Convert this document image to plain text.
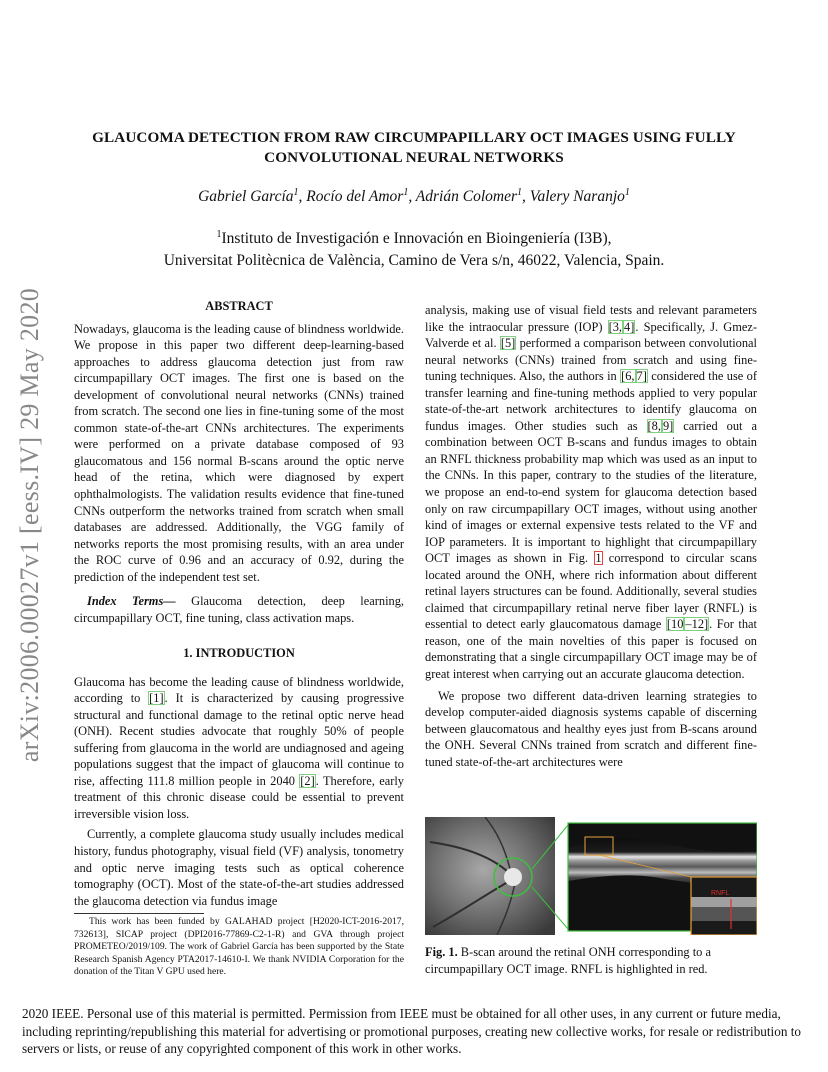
arXiv:2006.00027v1 [eess.IV] 29 May 2020
GLAUCOMA DETECTION FROM RAW CIRCUMPAPILLARY OCT IMAGES USING FULLY CONVOLUTIONAL NEURAL NETWORKS
Gabriel García$^1$, Rocío del Amor$^1$, Adrián Colomer$^1$, Valery Naranjo$^1$
$^1$Instituto de Investigación e Innovación en Bioingeniería (I3B),
Universitat Politècnica de València, Camino de Vera s/n, 46022, Valencia, Spain.
ABSTRACT

Nowadays, glaucoma is the leading cause of blindness worldwide. We propose in this paper two different deep-learning-based approaches to address glaucoma detection just from raw circumpapillary OCT images. The first one is based on the development of convolutional neural networks (CNNs) trained from scratch. The second one lies in fine-tuning some of the most common state-of-the-art CNNs architectures. The experiments were performed on a private database composed of 93 glaucomatous and 156 normal B-scans around the optic nerve head of the retina, which were diagnosed by expert ophthalmologists. The validation results evidence that fine-tuned CNNs outperform the networks trained from scratch when small databases are addressed. Additionally, the VGG family of networks reports the most promising results, with an area under the ROC curve of 0.96 and an accuracy of 0.92, during the prediction of the independent test set.

Index Terms— Glaucoma detection, deep learning, circumpapillary OCT, fine tuning, class activation maps.

1. INTRODUCTION

Glaucoma has become the leading cause of blindness worldwide, according to [1]. It is characterized by causing progressive structural and functional damage to the retinal optic nerve head (ONH). Recent studies advocate that roughly 50% of people suffering from glaucoma in the world are undiagnosed and ageing populations suggest that the impact of glaucoma will continue to rise, affecting 111.8 million people in 2040 [2]. Therefore, early treatment of this chronic disease could be essential to prevent irreversible vision loss.

Currently, a complete glaucoma study usually includes medical history, fundus photography, visual field (VF) analysis, tonometry and optic nerve imaging tests such as optical coherence tomography (OCT). Most of the state-of-the-art studies addressed the glaucoma detection via fundus image

analysis, making use of visual field tests and relevant parameters like the intraocular pressure (IOP) [3, 4]. Specifically, J. Gmez-Valverde et al. [5] performed a comparison between convolutional neural networks (CNNs) trained from scratch and using fine-tuning techniques. Also, the authors in [6, 7] considered the use of transfer learning and fine-tuning methods applied to very popular state-of-the-art network architectures to identify glaucoma on fundus images. Other studies such as [8, 9] carried out a combination between OCT B-scans and fundus images to obtain an RNFL thickness probability map which was used as an input to the CNNs. In this paper, contrary to the studies of the literature, we propose an end-to-end system for glaucoma detection based only on raw circumpapillary OCT images, without using another kind of images or external expensive tests related to the VF and IOP parameters. It is important to highlight that circumpapillary OCT images as shown in Fig. 1 correspond to circular scans located around the ONH, where rich information about different retinal layers structures can be found. Additionally, several studies claimed that circumpapillary retinal nerve fiber layer (RNFL) is essential to detect early glaucomatous damage [10 –12]. For that reason, one of the main novelties of this paper is focused on demonstrating that a single circumpapillary OCT image may be of great interest when carrying out an accurate glaucoma detection.

We propose two different data-driven learning strategies to develop computer-aided diagnosis systems capable of discerning between glaucomatous and healthy eyes just from B-scans around the ONH. Several CNNs trained from scratch and different fine-tuned state-of-the-art architectures were

RNFL
Fig. 1. B-scan around the retinal ONH corresponding to a circumpapillary OCT image. RNFL is highlighted in red.
This work has been funded by GALAHAD project [H2020-ICT-2016-2017, 732613], SICAP project (DPI2016-77869-C2-1-R) and GVA through project PROMETEO/2019/109. The work of Gabriel García has been supported by the State Research Spanish Agency PTA2017-14610-I. We thank NVIDIA Corporation for the donation of the Titan V GPU used here.
2020 IEEE. Personal use of this material is permitted. Permission from IEEE must be obtained for all other uses, in any current or future media, including reprinting/republishing this material for advertising or promotional purposes, creating new collective works, for resale or redistribution to servers or lists, or reuse of any copyrighted component of this work in other works.
